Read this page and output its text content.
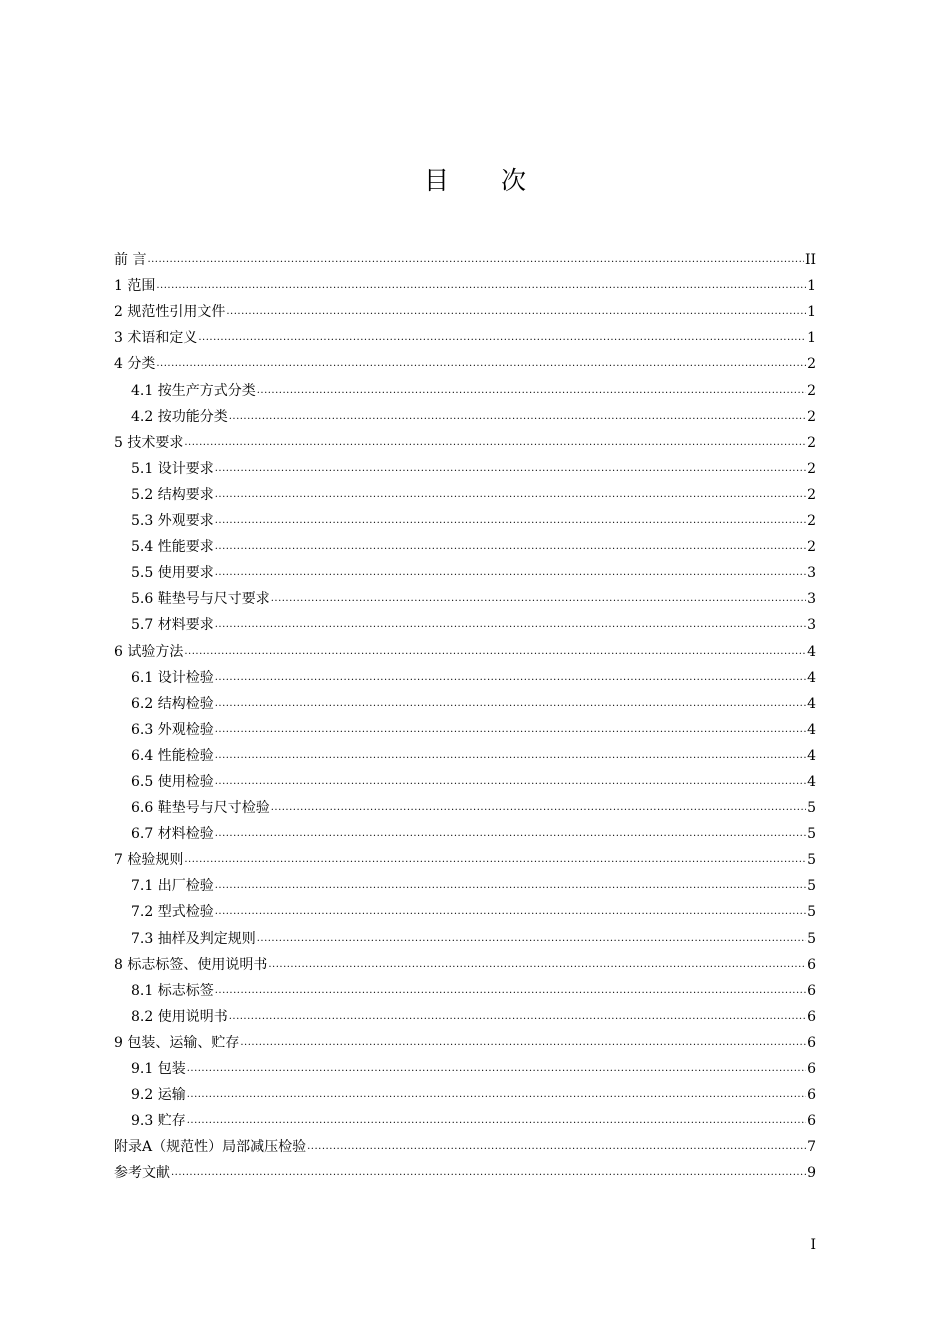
目 次
前 言 .....	II
1 范围 .....	1
2 规范性引用文件 .....	1
3 术语和定义 .....	1
4 分类 .....	2
4.1 按生产方式分类 .....	2
4.2 按功能分类 .....	2
5 技术要求 .....	2
5.1 设计要求 .....	2
5.2 结构要求 .....	2
5.3 外观要求 .....	2
5.4 性能要求 .....	2
5.5 使用要求 .....	3
5.6 鞋垫号与尺寸要求 .....	3
5.7 材料要求 .....	3
6 试验方法 .....	4
6.1 设计检验 .....	4
6.2 结构检验 .....	4
6.3 外观检验 .....	4
6.4 性能检验 .....	4
6.5 使用检验 .....	4
6.6 鞋垫号与尺寸检验 .....	5
6.7 材料检验 .....	5
7 检验规则 .....	5
7.1 出厂检验 .....	5
7.2 型式检验 .....	5
7.3 抽样及判定规则 .....	5
8 标志标签、使用说明书 .....	6
8.1 标志标签 .....	6
8.2 使用说明书 .....	6
9 包装、运输、贮存 .....	6
9.1 包装 .....	6
9.2 运输 .....	6
9.3 贮存 .....	6
附录A（规范性）局部减压检验 .....	7
参考文献 .....	9
I
